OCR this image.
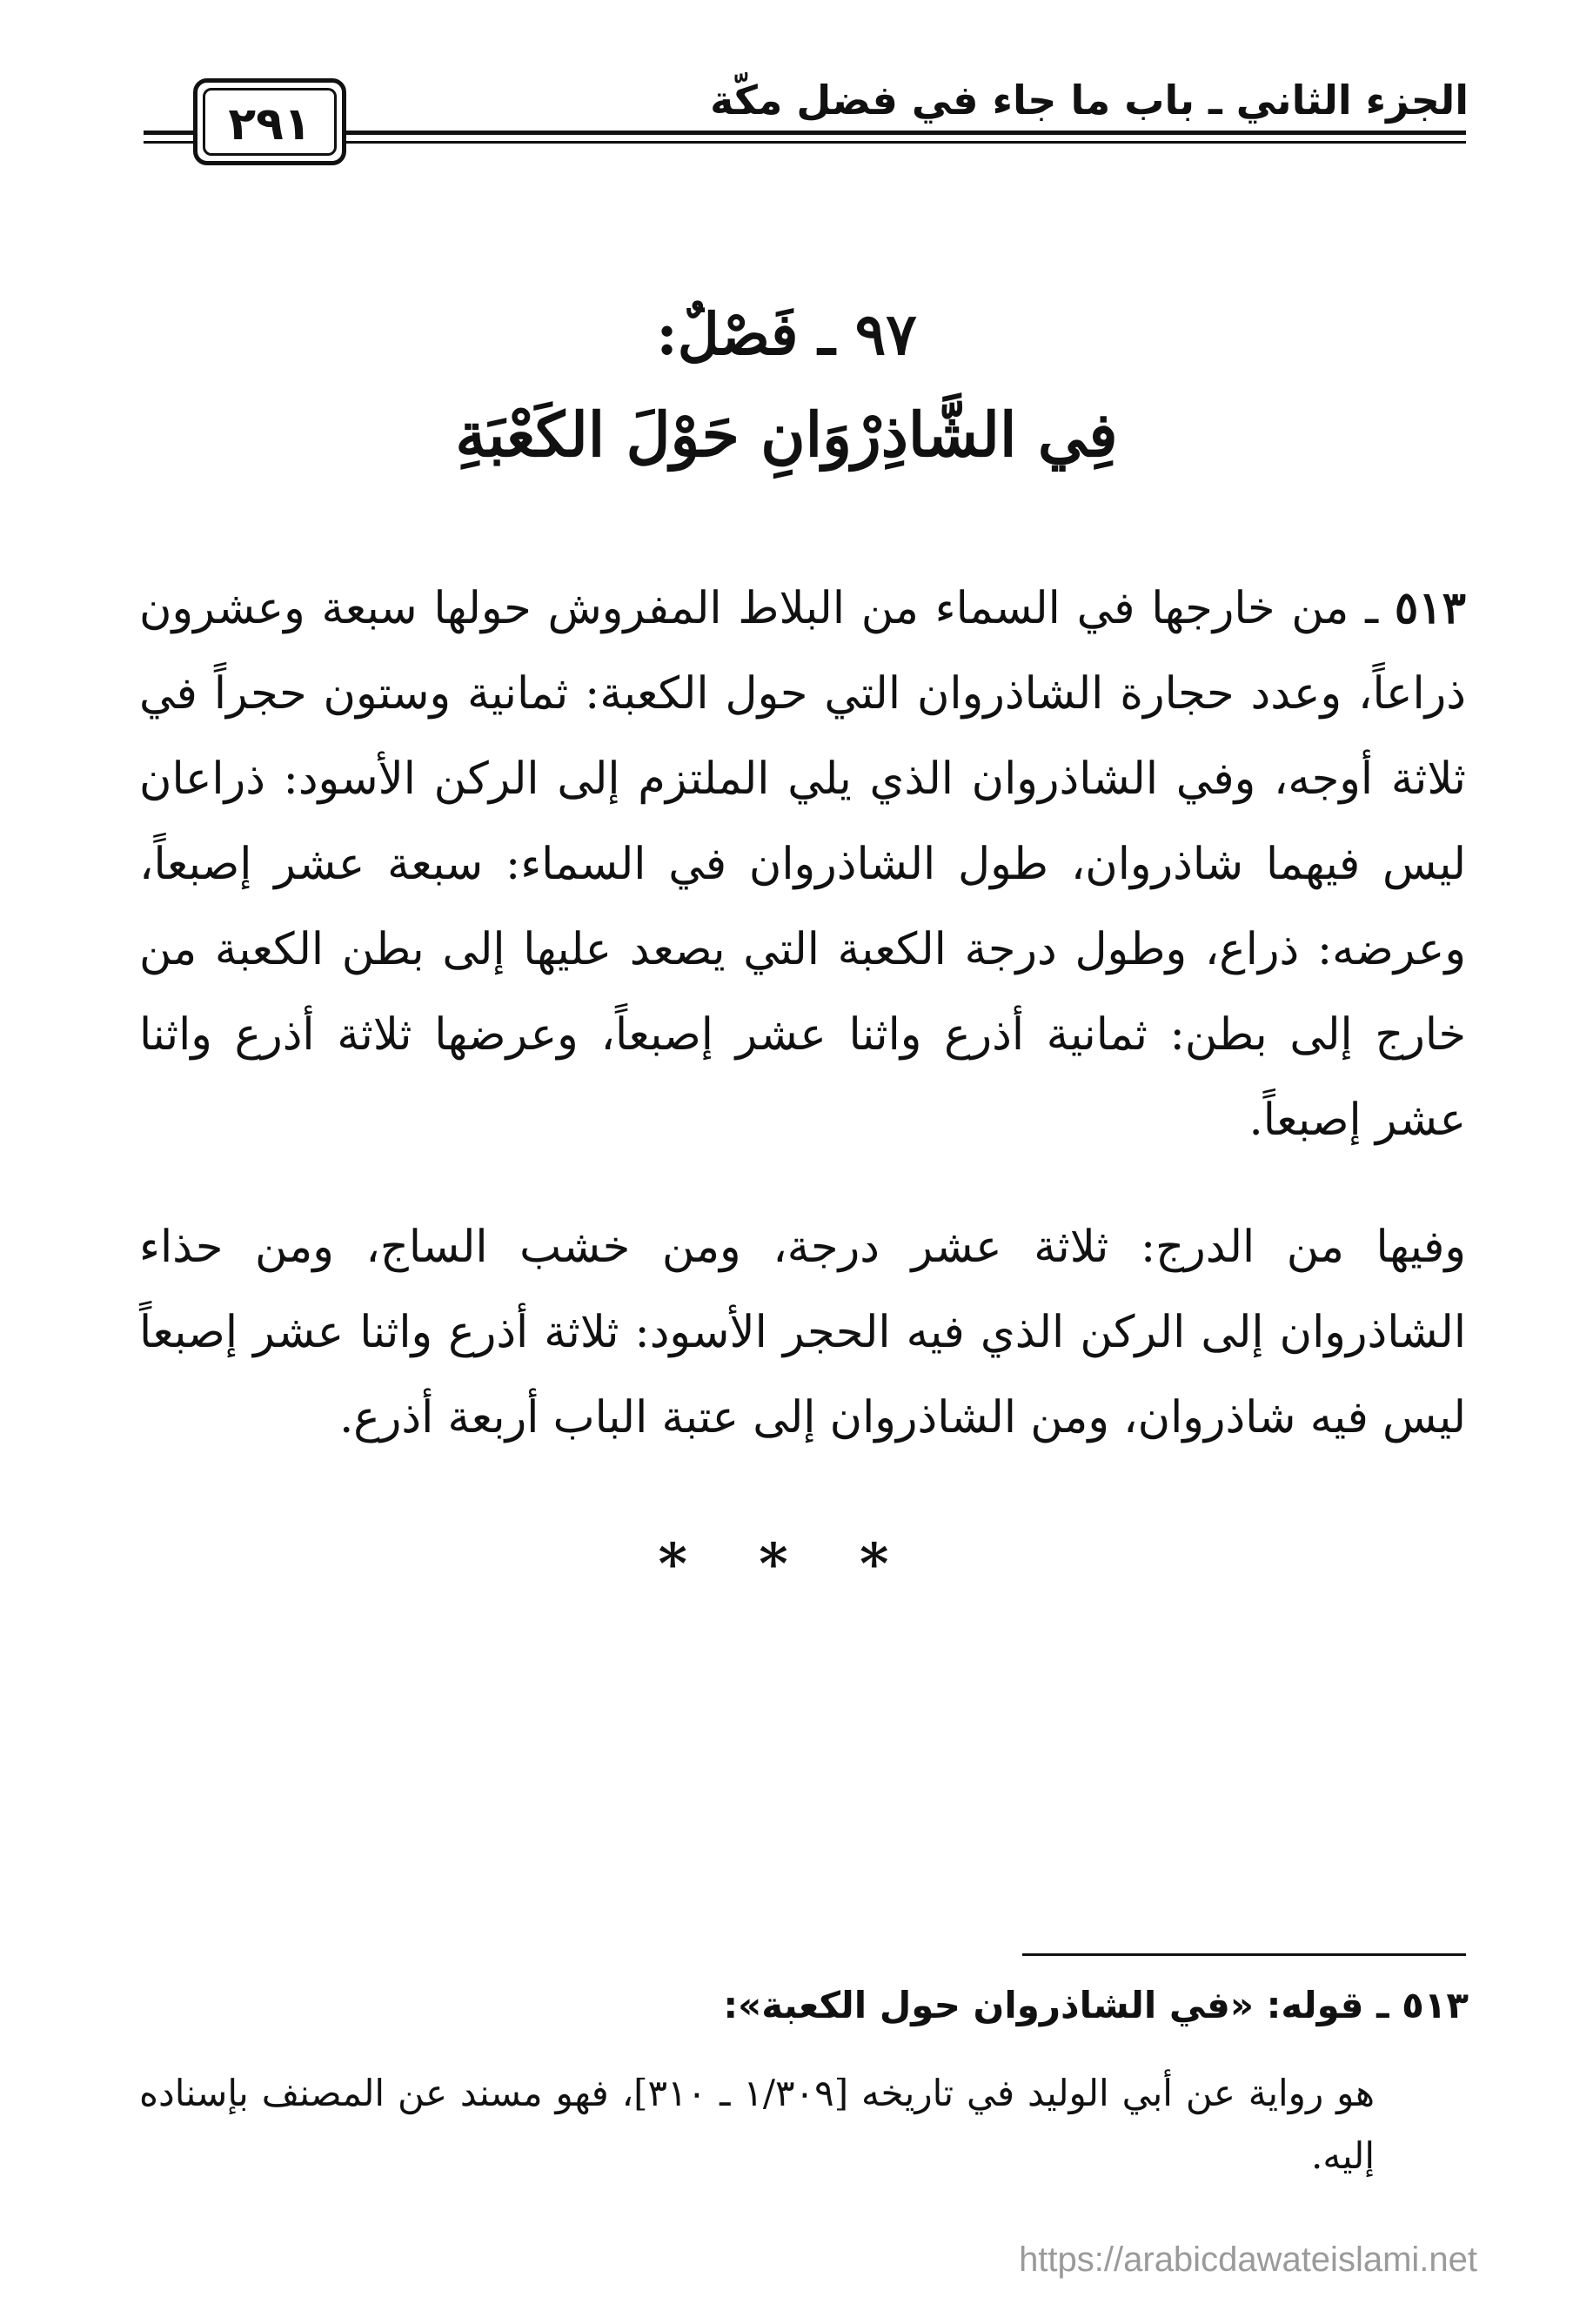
الجزء الثاني ـ باب ما جاء في فضل مكّة
٢٩١
٩٧ ـ فَصْلٌ:
فِي الشَّاذِرْوَانِ حَوْلَ الكَعْبَةِ
٥١٣ ـ من خارجها في السماء من البلاط المفروش حولها سبعة وعشرون ذراعاً، وعدد حجارة الشاذروان التي حول الكعبة: ثمانية وستون حجراً في ثلاثة أوجه، وفي الشاذروان الذي يلي الملتزم إلى الركن الأسود: ذراعان ليس فيهما شاذروان، طول الشاذروان في السماء: سبعة عشر إصبعاً، وعرضه: ذراع، وطول درجة الكعبة التي يصعد عليها إلى بطن الكعبة من خارج إلى بطن: ثمانية أذرع واثنا عشر إصبعاً، وعرضها ثلاثة أذرع واثنا عشر إصبعاً.
وفيها من الدرج: ثلاثة عشر درجة، ومن خشب الساج، ومن حذاء الشاذروان إلى الركن الذي فيه الحجر الأسود: ثلاثة أذرع واثنا عشر إصبعاً ليس فيه شاذروان، ومن الشاذروان إلى عتبة الباب أربعة أذرع.
* * *
٥١٣ ـ قوله: «في الشاذروان حول الكعبة»:
هو رواية عن أبي الوليد في تاريخه [١/٣٠٩ ـ ٣١٠]، فهو مسند عن المصنف بإسناده إليه.
https://arabicdawateislami.net
